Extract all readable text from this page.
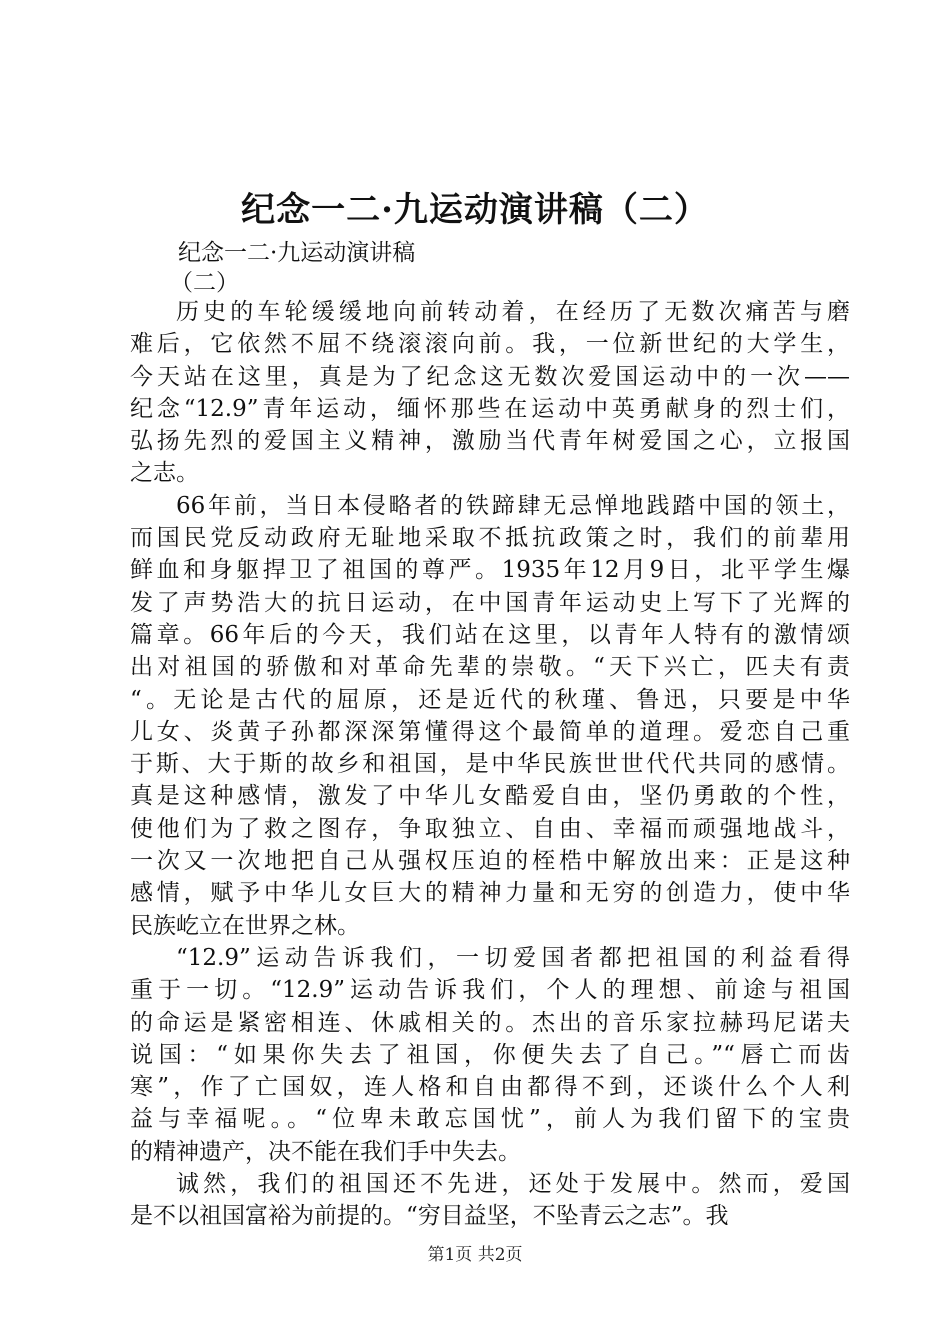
纪念一二·九运动演讲稿（二）

纪念一二·九运动演讲稿

（二）

历史的车轮缓缓地向前转动着，在经历了无数次痛苦与磨
难后，它依然不屈不绕滚滚向前。我，一位新世纪的大学生，
今天站在这里，真是为了纪念这无数次爱国运动中的一次——
纪念“12.9”青年运动，缅怀那些在运动中英勇献身的烈士们，
弘扬先烈的爱国主义精神，激励当代青年树爱国之心，立报国
之志。
66年前，当日本侵略者的铁蹄肆无忌惮地践踏中国的领土，
而国民党反动政府无耻地采取不抵抗政策之时，我们的前辈用
鲜血和身躯捍卫了祖国的尊严。1935年12月9日，北平学生爆
发了声势浩大的抗日运动，在中国青年运动史上写下了光辉的
篇章。66年后的今天，我们站在这里，以青年人特有的激情颂
出对祖国的骄傲和对革命先辈的崇敬。“天下兴亡，匹夫有责
“。无论是古代的屈原，还是近代的秋瑾、鲁迅，只要是中华
儿女、炎黄子孙都深深第懂得这个最简单的道理。爱恋自己重
于斯、大于斯的故乡和祖国，是中华民族世世代代共同的感情。
真是这种感情，激发了中华儿女酷爱自由，坚仍勇敢的个性，
使他们为了救之图存，争取独立、自由、幸福而顽强地战斗，
一次又一次地把自己从强权压迫的桎梏中解放出来：正是这种
感情，赋予中华儿女巨大的精神力量和无穷的创造力，使中华
民族屹立在世界之林。
“12.9”运动告诉我们，一切爱国者都把祖国的利益看得
重于一切。“12.9”运动告诉我们，个人的理想、前途与祖国
的命运是紧密相连、休戚相关的。杰出的音乐家拉赫玛尼诺夫
说国：“如果你失去了祖国，你便失去了自己。”“唇亡而齿
寒”，作了亡国奴，连人格和自由都得不到，还谈什么个人利
益与幸福呢。。“位卑未敢忘国忧”，前人为我们留下的宝贵
的精神遗产，决不能在我们手中失去。
诚然，我们的祖国还不先进，还处于发展中。然而，爱国
是不以祖国富裕为前提的。“穷目益坚，不坠青云之志”。我
第1页 共2页
